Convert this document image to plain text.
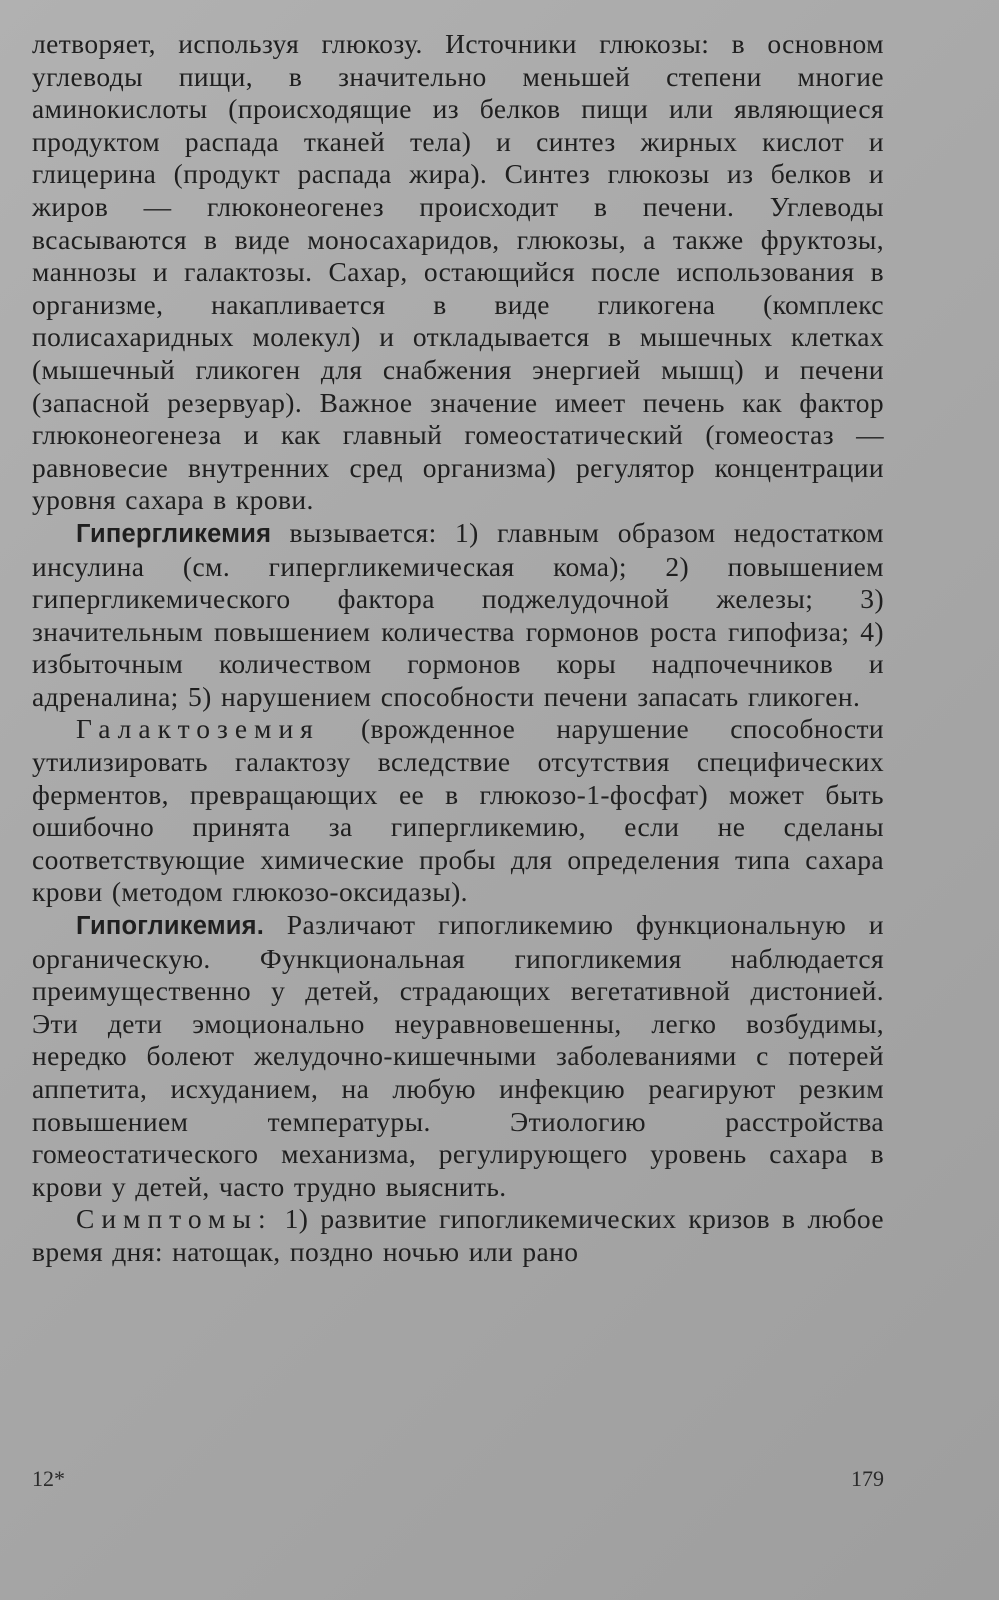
летворяет, используя глюкозу. Источники глюкозы: в основном углеводы пищи, в значительно меньшей степени многие аминокислоты (происходящие из белков пищи или являющиеся продуктом распада тканей тела) и синтез жирных кислот и глицерина (продукт распада жира). Синтез глюкозы из белков и жиров — глюконеогенез происходит в печени. Углеводы всасываются в виде моносахаридов, глюкозы, а также фруктозы, маннозы и галактозы. Сахар, остающийся после использования в организме, накапливается в виде гликогена (комплекс полисахаридных молекул) и откладывается в мышечных клетках (мышечный гликоген для снабжения энергией мышц) и печени (запасной резервуар). Важное значение имеет печень как фактор глюконеогенеза и как главный гомеостатический (гомеостаз — равновесие внутренних сред организма) регулятор концентрации уровня сахара в крови.

Гипергликемия вызывается: 1) главным образом недостатком инсулина (см. гипергликемическая кома); 2) повышением гипергликемического фактора поджелудочной железы; 3) значительным повышением количества гормонов роста гипофиза; 4) избыточным количеством гормонов коры надпочечников и адреналина; 5) нарушением способности печени запасать гликоген.

Галактоземия (врожденное нарушение способности утилизировать галактозу вследствие отсутствия специфических ферментов, превращающих ее в глюкозо-1-фосфат) может быть ошибочно принята за гипергликемию, если не сделаны соответствующие химические пробы для определения типа сахара крови (методом глюкозо-оксидазы).

Гипогликемия. Различают гипогликемию функциональную и органическую. Функциональная гипогликемия наблюдается преимущественно у детей, страдающих вегетативной дистонией. Эти дети эмоционально неуравновешенны, легко возбудимы, нередко болеют желудочно-кишечными заболеваниями с потерей аппетита, исхуданием, на любую инфекцию реагируют резким повышением температуры. Этиологию расстройства гомеостатического механизма, регулирующего уровень сахара в крови у детей, часто трудно выяснить.

Симптомы: 1) развитие гипогликемических кризов в любое время дня: натощак, поздно ночью или рано

12*	179
